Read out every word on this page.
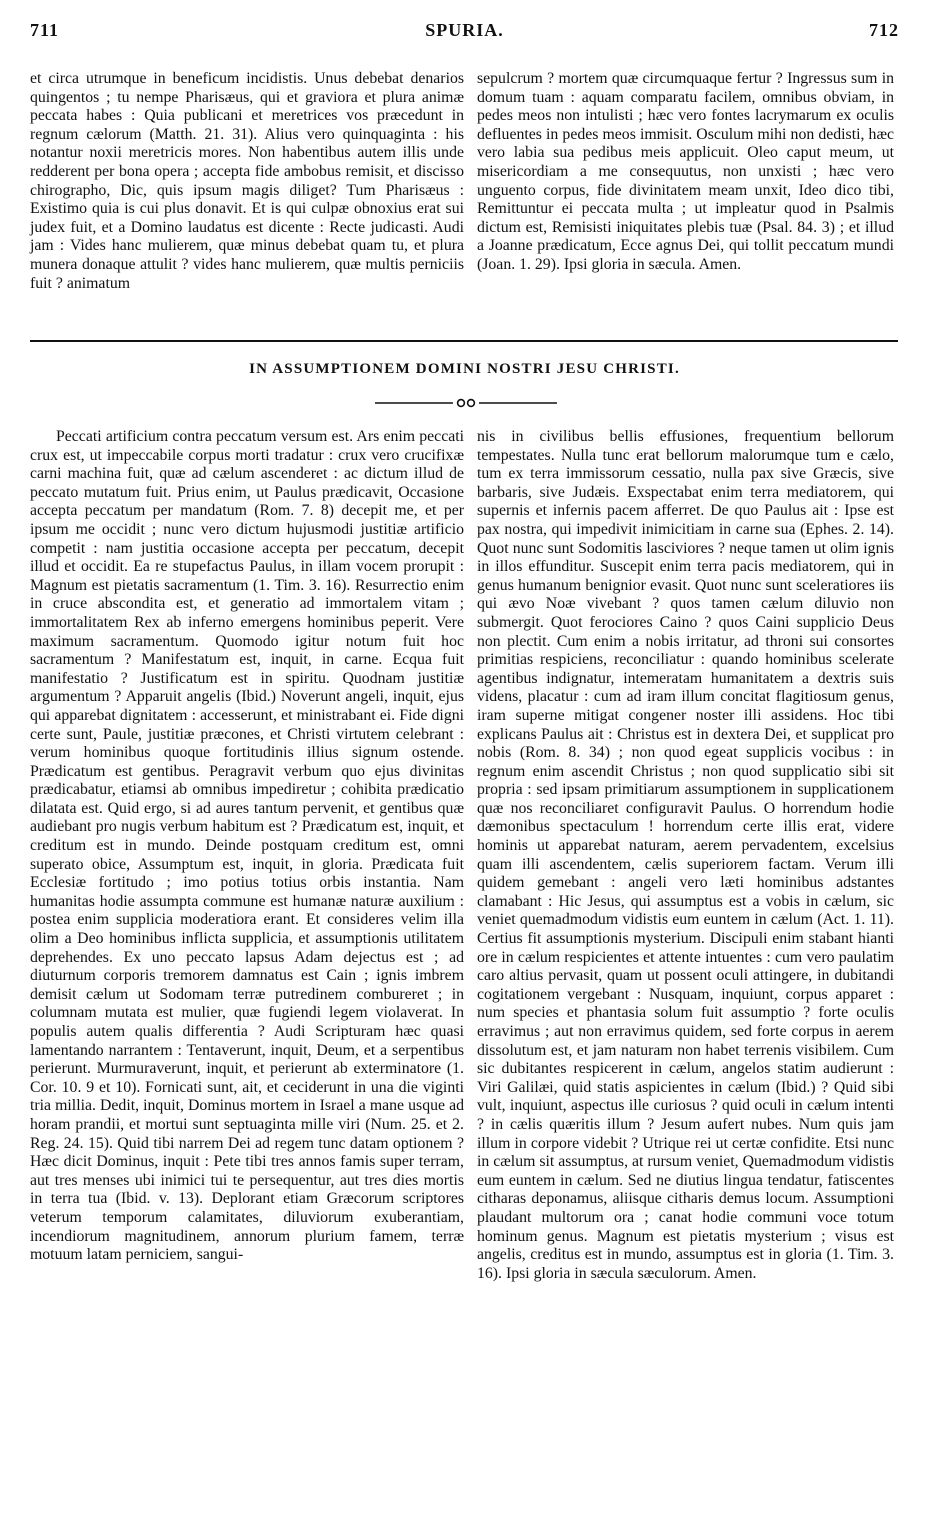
711	SPURIA.	712

et circa utrumque in beneficum incidistis. Unus debebat denarios quingentos ; tu nempe Pharisæus, qui et graviora et plura animæ peccata habes : Quia publicani et meretrices vos præcedunt in regnum cælorum (Matth. 21. 31). Alius vero quinquaginta : his notantur noxii meretricis mores. Non habentibus autem illis unde redderent per bona opera ; accepta fide ambobus remisit, et discisso chirographo, Dic, quis ipsum magis diliget? Tum Pharisæus : Existimo quia is cui plus donavit. Et is qui culpæ obnoxius erat sui judex fuit, et a Domino laudatus est dicente : Recte judicasti. Audi jam : Vides hanc mulierem, quæ minus debebat quam tu, et plura munera donaque attulit ? vides hanc mulierem, quæ multis perniciis fuit ? animatum

sepulcrum ? mortem quæ circumquaque fertur ? Ingressus sum in domum tuam : aquam comparatu facilem, omnibus obviam, in pedes meos non intulisti ; hæc vero fontes lacrymarum ex oculis defluentes in pedes meos immisit. Osculum mihi non dedisti, hæc vero labia sua pedibus meis applicuit. Oleo caput meum, ut misericordiam a me consequutus, non unxisti ; hæc vero unguento corpus, fide divinitatem meam unxit, Ideo dico tibi, Remittuntur ei peccata multa ; ut impleatur quod in Psalmis dictum est, Remisisti iniquitates plebis tuæ (Psal. 84. 3) ; et illud a Joanne prædicatum, Ecce agnus Dei, qui tollit peccatum mundi (Joan. 1. 29). Ipsi gloria in sæcula. Amen.

IN ASSUMPTIONEM DOMINI NOSTRI JESU CHRISTI.

Peccati artificium contra peccatum versum est. Ars enim peccati crux est, ut impeccabile corpus morti tradatur : crux vero crucifixæ carni machina fuit, quæ ad cælum ascenderet : ac dictum illud de peccato mutatum fuit. Prius enim, ut Paulus prædicavit, Occasione accepta peccatum per mandatum (Rom. 7. 8) decepit me, et per ipsum me occidit ; nunc vero dictum hujusmodi justitiæ artificio competit : nam justitia occasione accepta per peccatum, decepit illud et occidit. Ea re stupefactus Paulus, in illam vocem prorupit : Magnum est pietatis sacramentum (1. Tim. 3. 16). Resurrectio enim in cruce abscondita est, et generatio ad immortalem vitam ; immortalitatem Rex ab inferno emergens hominibus peperit. Vere maximum sacramentum. Quomodo igitur notum fuit hoc sacramentum ? Manifestatum est, inquit, in carne. Ecqua fuit manifestatio ? Justificatum est in spiritu. Quodnam justitiæ argumentum ? Apparuit angelis (Ibid.) Noverunt angeli, inquit, ejus qui apparebat dignitatem : accesserunt, et ministrabant ei. Fide digni certe sunt, Paule, justitiæ præcones, et Christi virtutem celebrant : verum hominibus quoque fortitudinis illius signum ostende. Prædicatum est gentibus. Peragravit verbum quo ejus divinitas prædicabatur, etiamsi ab omnibus impediretur ; cohibita prædicatio dilatata est. Quid ergo, si ad aures tantum pervenit, et gentibus quæ audiebant pro nugis verbum habitum est ? Prædicatum est, inquit, et creditum est in mundo. Deinde postquam creditum est, omni superato obice, Assumptum est, inquit, in gloria. Prædicata fuit Ecclesiæ fortitudo ; imo potius totius orbis instantia. Nam humanitas hodie assumpta commune est humanæ naturæ auxilium : postea enim supplicia moderatiora erant. Et consideres velim illa olim a Deo hominibus inflicta supplicia, et assumptionis utilitatem deprehendes. Ex uno peccato lapsus Adam dejectus est ; ad diuturnum corporis tremorem damnatus est Cain ; ignis imbrem demisit cælum ut Sodomam terræ putredinem combureret ; in columnam mutata est mulier, quæ fugiendi legem violaverat. In populis autem qualis differentia ? Audi Scripturam hæc quasi lamentando narrantem : Tentaverunt, inquit, Deum, et a serpentibus perierunt. Murmuraverunt, inquit, et perierunt ab exterminatore (1. Cor. 10. 9 et 10). Fornicati sunt, ait, et ceciderunt in una die viginti tria millia. Dedit, inquit, Dominus mortem in Israel a mane usque ad horam prandii, et mortui sunt septuaginta mille viri (Num. 25. et 2. Reg. 24. 15). Quid tibi narrem Dei ad regem tunc datam optionem ? Hæc dicit Dominus, inquit : Pete tibi tres annos famis super terram, aut tres menses ubi inimici tui te persequentur, aut tres dies mortis in terra tua (Ibid. v. 13). Deplorant etiam Græcorum scriptores veterum temporum calamitates, diluviorum exuberantiam, incendiorum magnitudinem, annorum plurium famem, terræ motuum latam perniciem, sangui-

nis in civilibus bellis effusiones, frequentium bellorum tempestates. Nulla tunc erat bellorum malorumque tum e cælo, tum ex terra immissorum cessatio, nulla pax sive Græcis, sive barbaris, sive Judæis. Exspectabat enim terra mediatorem, qui supernis et infernis pacem afferret. De quo Paulus ait : Ipse est pax nostra, qui impedivit inimicitiam in carne sua (Ephes. 2. 14). Quot nunc sunt Sodomitis lasciviores ? neque tamen ut olim ignis in illos effunditur. Suscepit enim terra pacis mediatorem, qui in genus humanum benignior evasit. Quot nunc sunt sceleratiores iis qui ævo Noæ vivebant ? quos tamen cælum diluvio non submergit. Quot ferociores Caino ? quos Caini supplicio Deus non plectit. Cum enim a nobis irritatur, ad throni sui consortes primitias respiciens, reconciliatur : quando hominibus scelerate agentibus indignatur, intemeratam humanitatem a dextris suis videns, placatur : cum ad iram illum concitat flagitiosum genus, iram superne mitigat congener noster illi assidens. Hoc tibi explicans Paulus ait : Christus est in dextera Dei, et supplicat pro nobis (Rom. 8. 34) ; non quod egeat supplicis vocibus : in regnum enim ascendit Christus ; non quod supplicatio sibi sit propria : sed ipsam primitiarum assumptionem in supplicationem quæ nos reconciliaret configuravit Paulus. O horrendum hodie dæmonibus spectaculum ! horrendum certe illis erat, videre hominis ut apparebat naturam, aerem pervadentem, excelsius quam illi ascendentem, cælis superiorem factam. Verum illi quidem gemebant : angeli vero læti hominibus adstantes clamabant : Hic Jesus, qui assumptus est a vobis in cælum, sic veniet quemadmodum vidistis eum euntem in cælum (Act. 1. 11). Certius fit assumptionis mysterium. Discipuli enim stabant hianti ore in cælum respicientes et attente intuentes : cum vero paulatim caro altius pervasit, quam ut possent oculi attingere, in dubitandi cogitationem vergebant : Nusquam, inquiunt, corpus apparet : num species et phantasia solum fuit assumptio ? forte oculis erravimus ; aut non erravimus quidem, sed forte corpus in aerem dissolutum est, et jam naturam non habet terrenis visibilem. Cum sic dubitantes respicerent in cælum, angelos statim audierunt : Viri Galilæi, quid statis aspicientes in cælum (Ibid.) ? Quid sibi vult, inquiunt, aspectus ille curiosus ? quid oculi in cælum intenti ? in cælis quæritis illum ? Jesum aufert nubes. Num quis jam illum in corpore videbit ? Utrique rei ut certæ confidite. Etsi nunc in cælum sit assumptus, at rursum veniet, Quemadmodum vidistis eum euntem in cælum. Sed ne diutius lingua tendatur, fatiscentes citharas deponamus, aliisque citharis demus locum. Assumptioni plaudant multorum ora ; canat hodie communi voce totum hominum genus. Magnum est pietatis mysterium ; visus est angelis, creditus est in mundo, assumptus est in gloria (1. Tim. 3. 16). Ipsi gloria in sæcula sæculorum. Amen.
